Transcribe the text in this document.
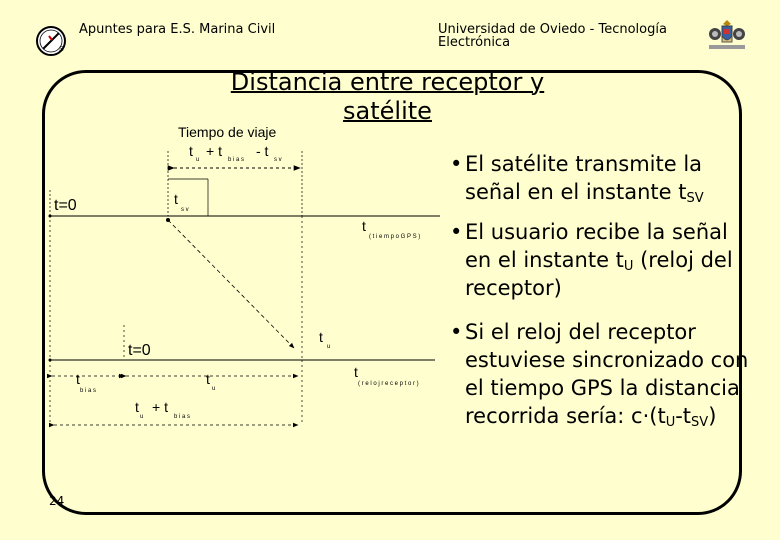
S
Apuntes para E.S. Marina Civil	Universidad de Oviedo - Tecnología
Electrónica
Distancia entre receptor y
satélite
Tiempo de viaje
t
u
+ t
b i a s
- t
s v
t=0
t=0
t
s v
t
( t i e m p o G P S )
t
u
t
( r e l o j r e c e p t o r )
t
b i a s
t
u
t
u
+ t
b i a s
• El satélite transmite la señal en el instante $t_{SV}$
• El usuario recibe la señal en el instante $t_U$ (reloj del receptor)
• Si el reloj del receptor estuviese sincronizado con el tiempo GPS la distancia recorrida sería: $c\cdot(t_U-t_{SV})$
24
